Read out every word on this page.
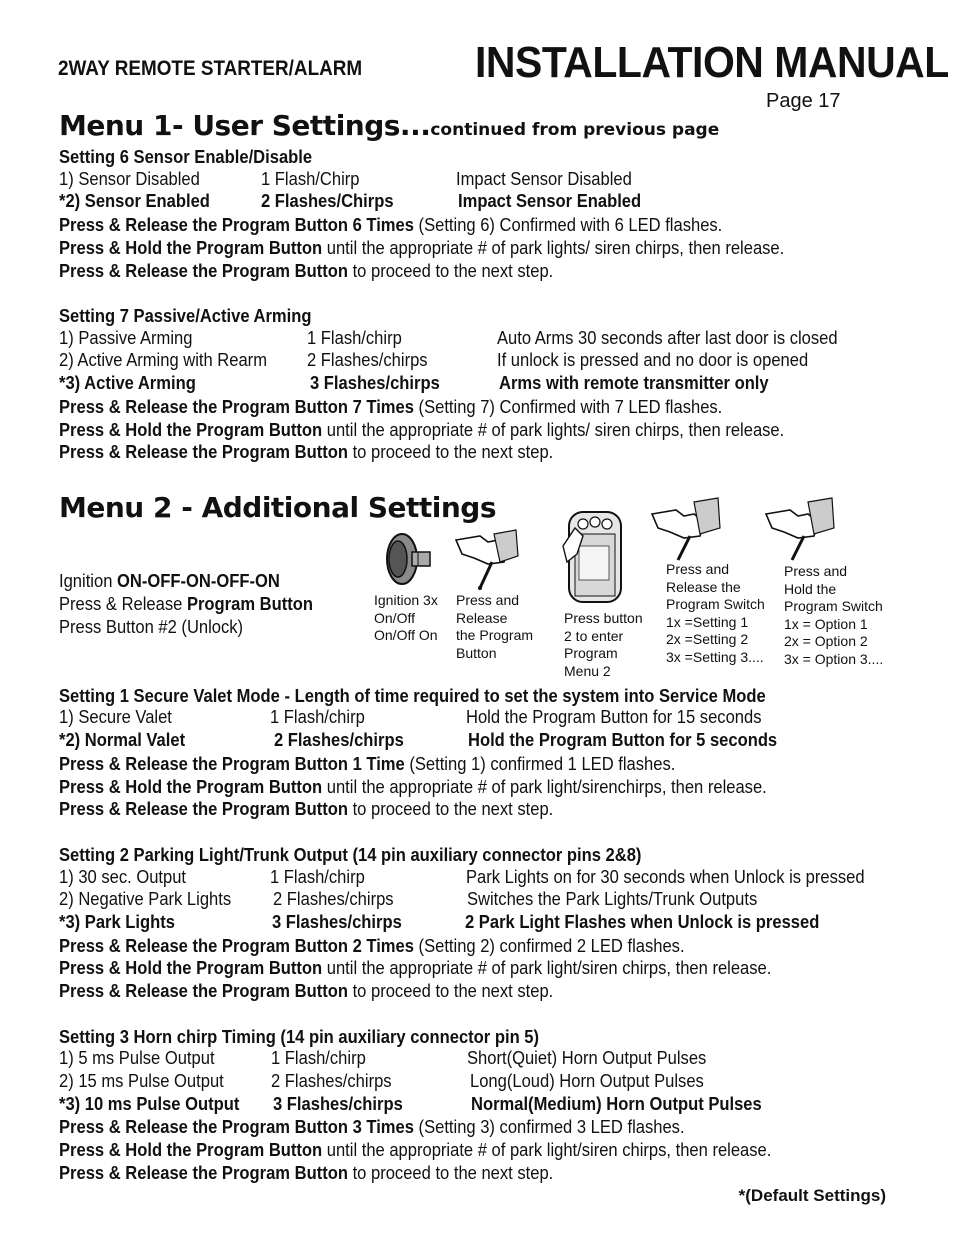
2WAY REMOTE STARTER/ALARM	INSTALLATION MANUAL
Page 17
Menu 1- User Settings...continued from previous page
Setting 6 Sensor Enable/Disable
1) Sensor Disabled	1 Flash/Chirp	Impact Sensor Disabled
*2) Sensor Enabled	2 Flashes/Chirps	Impact Sensor Enabled
Press & Release the Program Button 6 Times (Setting 6) Confirmed with 6 LED flashes.
Press & Hold the Program Button until the appropriate # of park lights/ siren chirps, then release.
Press & Release the Program Button to proceed to the next step.
Setting 7 Passive/Active Arming
1) Passive Arming	1 Flash/chirp	Auto Arms 30 seconds after last door is closed
2) Active Arming with Rearm 2 Flashes/chirps	If unlock is pressed and no door is opened
*3) Active Arming	3 Flashes/chirps	Arms with remote transmitter only
Press & Release the Program Button 7 Times (Setting 7) Confirmed with 7 LED flashes.
Press & Hold the Program Button until the appropriate # of park lights/ siren chirps, then release.
Press & Release the Program Button to proceed to the next step.
Menu 2 - Additional Settings
Ignition ON-OFF-ON-OFF-ON
Press & Release Program Button
Press Button #2 (Unlock)
Ignition 3x
On/Off
On/Off On
Press and
Release
the Program
Button
Press button
2 to enter
Program
Menu 2
Press and
Release the
Program Switch
1x =Setting 1
2x =Setting 2
3x =Setting 3....
Press and
Hold the
Program Switch
1x = Option 1
2x = Option 2
3x = Option 3....
Setting 1 Secure Valet Mode - Length of time required to set the system into Service Mode
1) Secure Valet	1 Flash/chirp	Hold the Program Button for 15 seconds
*2) Normal Valet	2 Flashes/chirps	Hold the Program Button for 5 seconds
Press & Release the Program Button 1 Time (Setting 1) confirmed 1 LED flashes.
Press & Hold the Program Button until the appropriate # of park light/sirenchirps, then release.
Press & Release the Program Button to proceed to the next step.
Setting 2 Parking Light/Trunk Output (14 pin auxiliary connector pins 2&8)
1) 30 sec. Output	1 Flash/chirp	Park Lights on for 30 seconds when Unlock is pressed
2) Negative Park Lights 2 Flashes/chirps	Switches the Park Lights/Trunk Outputs
*3) Park Lights	3 Flashes/chirps	2 Park Light Flashes when Unlock is pressed
Press & Release the Program Button 2 Times (Setting 2) confirmed 2 LED flashes.
Press & Hold the Program Button until the appropriate # of park light/siren chirps, then release.
Press & Release the Program Button to proceed to the next step.
Setting 3 Horn chirp Timing (14 pin auxiliary connector pin 5)
1) 5 ms Pulse Output	1 Flash/chirp	Short(Quiet) Horn Output Pulses
2) 15 ms Pulse Output	2 Flashes/chirps	Long(Loud) Horn Output Pulses
*3) 10 ms Pulse Output 3 Flashes/chirps	Normal(Medium) Horn Output Pulses
Press & Release the Program Button 3 Times (Setting 3) confirmed 3 LED flashes.
Press & Hold the Program Button until the appropriate # of park light/siren chirps, then release.
Press & Release the Program Button to proceed to the next step.
*(Default Settings)
